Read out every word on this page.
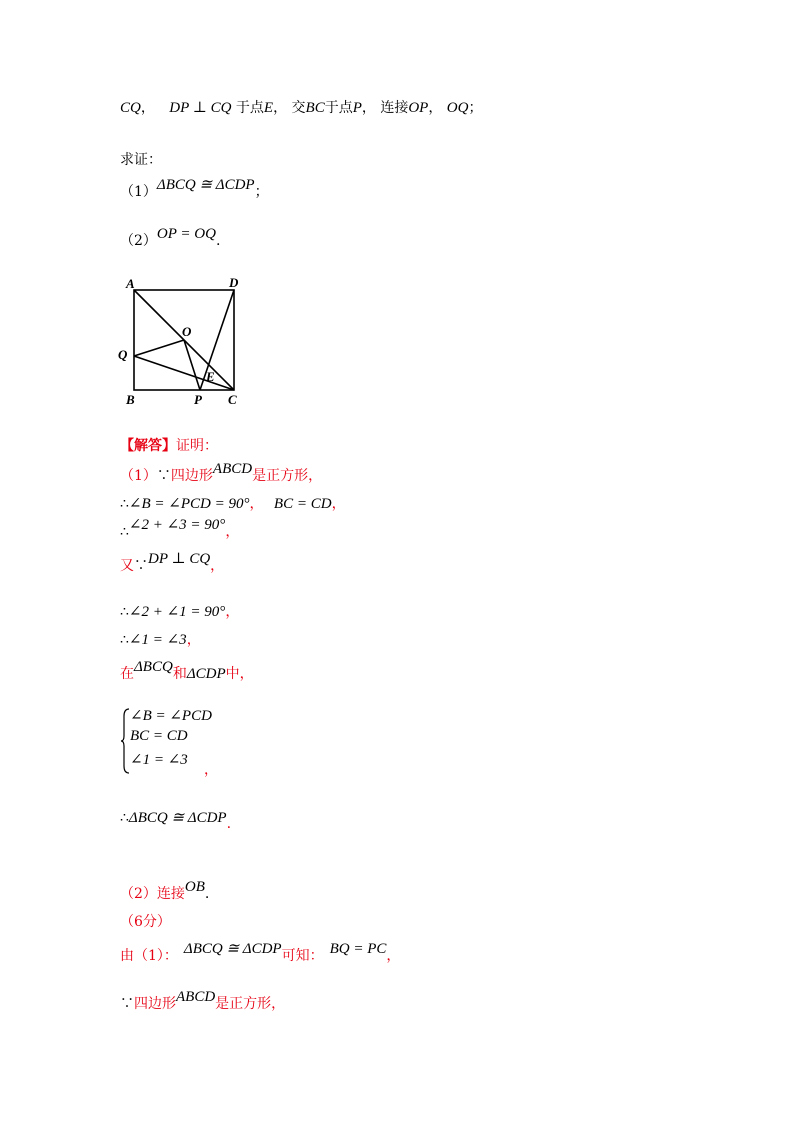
CQ， DP ⊥ CQ 于点E， 交BC于点P， 连接OP， OQ；
求证：
（1）ΔBCQ ≅ ΔCDP；
（2）OP = OQ.
A	D
O
Q
E
B	P C
【解答】证明：
（1）∵四边形ABCD是正方形，
∴∠B = ∠PCD = 90°， BC = CD，
∴∠2 + ∠3 = 90°，
又∵DP ⊥ CQ，
∴∠2 + ∠1 = 90°，
∴∠1 = ∠3，
在ΔBCQ和ΔCDP中，
∠B = ∠PCD
BC = CD
∠1 = ∠3
，
∴ΔBCQ ≅ ΔCDP.
（2）连接OB.
（6分）
由（1）： ΔBCQ ≅ ΔCDP可知： BQ = PC，
∵四边形ABCD是正方形，
